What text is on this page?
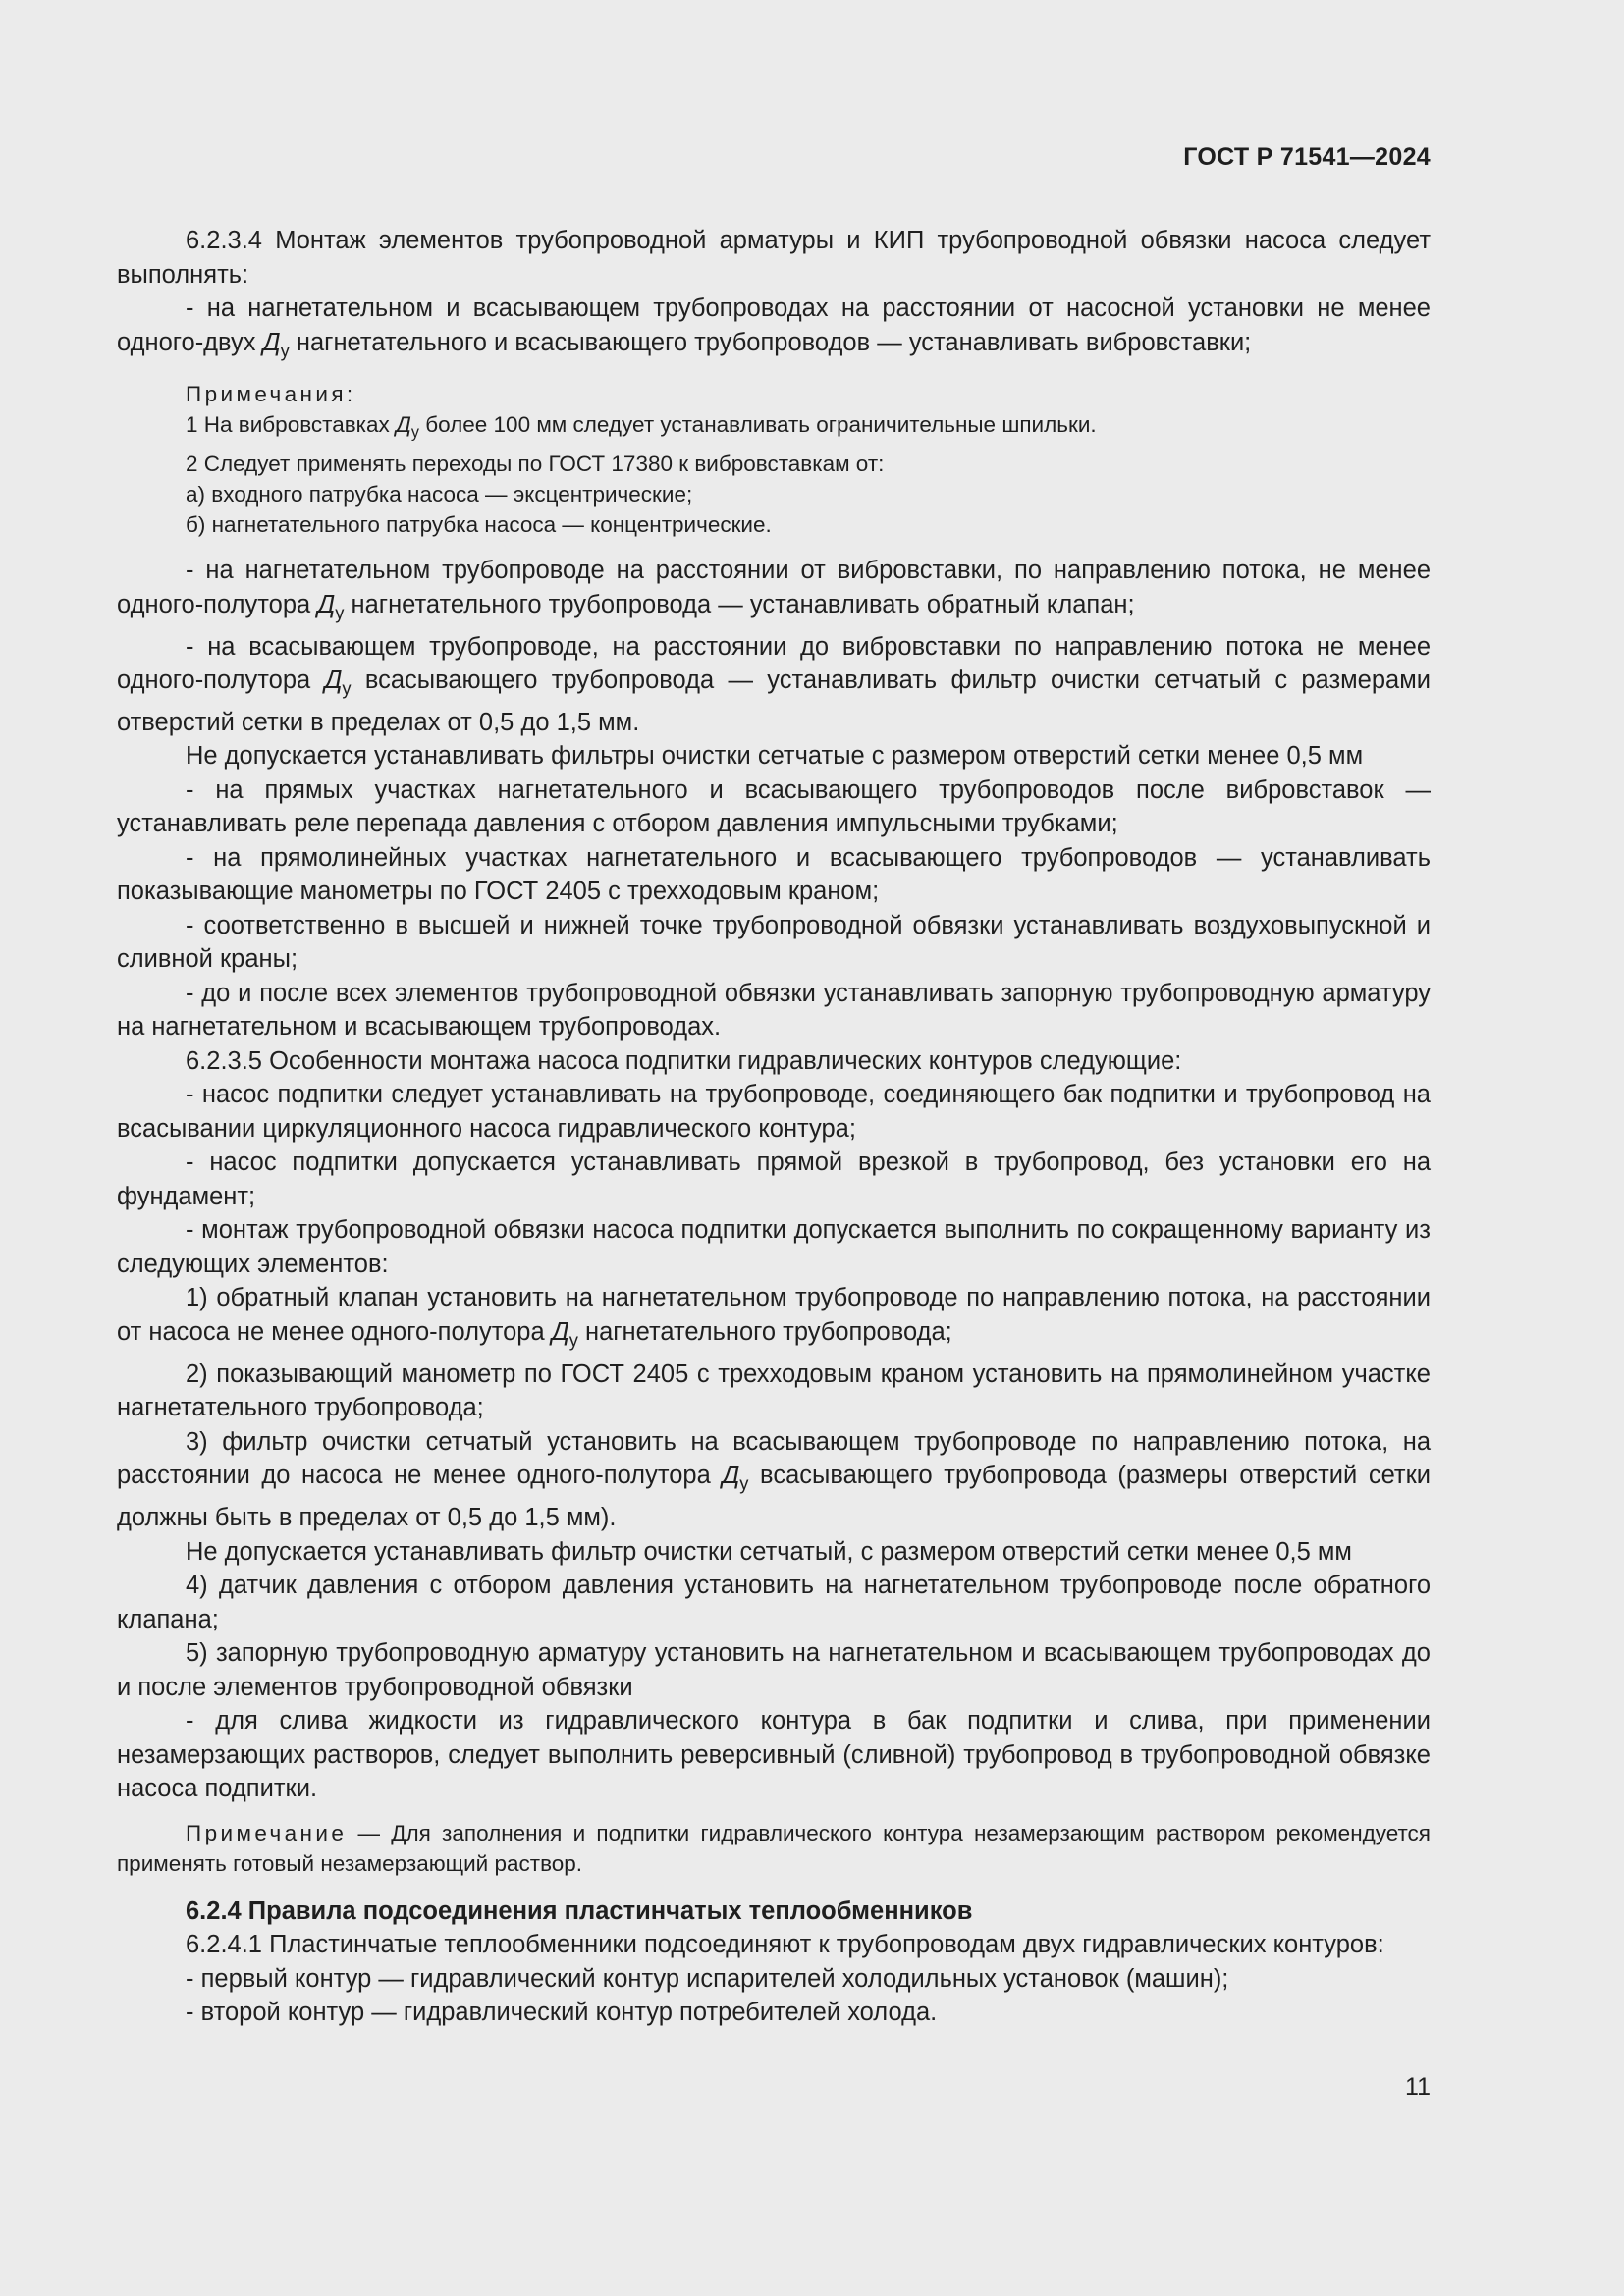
ГОСТ Р 71541—2024

6.2.3.4 Монтаж элементов трубопроводной арматуры и КИП трубопроводной обвязки насоса следует выполнять:

- на нагнетательном и всасывающем трубопроводах на расстоянии от насосной установки не менее одного-двух $Д_у$ нагнетательного и всасывающего трубопроводов — устанавливать вибровставки;

Примечания:

1 На вибровставках $Д_у$ более 100 мм следует устанавливать ограничительные шпильки.

2 Следует применять переходы по ГОСТ 17380 к вибровставкам от:

а) входного патрубка насоса — эксцентрические;

б) нагнетательного патрубка насоса — концентрические.

- на нагнетательном трубопроводе на расстоянии от вибровставки, по направлению потока, не менее одного-полутора $Д_у$ нагнетательного трубопровода — устанавливать обратный клапан;

- на всасывающем трубопроводе, на расстоянии до вибровставки по направлению потока не менее одного-полутора $Д_у$ всасывающего трубопровода — устанавливать фильтр очистки сетчатый с размерами отверстий сетки в пределах от 0,5 до 1,5 мм.

Не допускается устанавливать фильтры очистки сетчатые с размером отверстий сетки менее 0,5 мм

- на прямых участках нагнетательного и всасывающего трубопроводов после вибровставок — устанавливать реле перепада давления с отбором давления импульсными трубками;

- на прямолинейных участках нагнетательного и всасывающего трубопроводов — устанавливать показывающие манометры по ГОСТ 2405 с трехходовым краном;

- соответственно в высшей и нижней точке трубопроводной обвязки устанавливать воздуховыпускной и сливной краны;

- до и после всех элементов трубопроводной обвязки устанавливать запорную трубопроводную арматуру на нагнетательном и всасывающем трубопроводах.

6.2.3.5 Особенности монтажа насоса подпитки гидравлических контуров следующие:

- насос подпитки следует устанавливать на трубопроводе, соединяющего бак подпитки и трубопровод на всасывании циркуляционного насоса гидравлического контура;

- насос подпитки допускается устанавливать прямой врезкой в трубопровод, без установки его на фундамент;

- монтаж трубопроводной обвязки насоса подпитки допускается выполнить по сокращенному варианту из следующих элементов:

1) обратный клапан установить на нагнетательном трубопроводе по направлению потока, на расстоянии от насоса не менее одного-полутора $Д_у$ нагнетательного трубопровода;

2) показывающий манометр по ГОСТ 2405 с трехходовым краном установить на прямолинейном участке нагнетательного трубопровода;

3) фильтр очистки сетчатый установить на всасывающем трубопроводе по направлению потока, на расстоянии до насоса не менее одного-полутора $Д_у$ всасывающего трубопровода (размеры отверстий сетки должны быть в пределах от 0,5 до 1,5 мм).

Не допускается устанавливать фильтр очистки сетчатый, с размером отверстий сетки менее 0,5 мм

4) датчик давления с отбором давления установить на нагнетательном трубопроводе после обратного клапана;

5) запорную трубопроводную арматуру установить на нагнетательном и всасывающем трубопроводах до и после элементов трубопроводной обвязки

- для слива жидкости из гидравлического контура в бак подпитки и слива, при применении незамерзающих растворов, следует выполнить реверсивный (сливной) трубопровод в трубопроводной обвязке насоса подпитки.

Примечание — Для заполнения и подпитки гидравлического контура незамерзающим раствором рекомендуется применять готовый незамерзающий раствор.

6.2.4 Правила подсоединения пластинчатых теплообменников

6.2.4.1 Пластинчатые теплообменники подсоединяют к трубопроводам двух гидравлических контуров:

- первый контур — гидравлический контур испарителей холодильных установок (машин);

- второй контур — гидравлический контур потребителей холода.

11
